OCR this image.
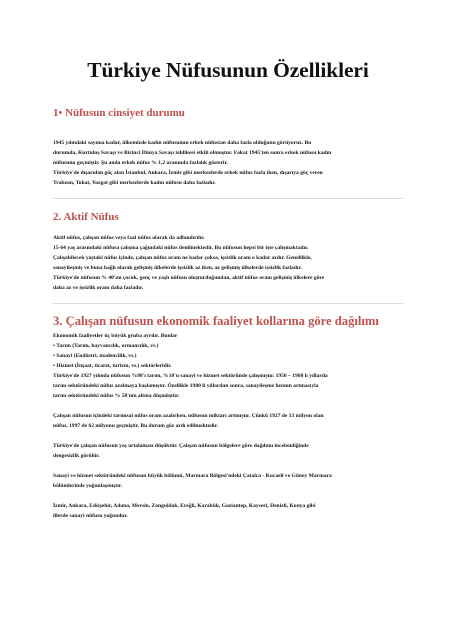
Türkiye Nüfusunun Özellikleri
1• Nüfusun cinsiyet durumu

1945 yılındaki sayıma kadar, ülkemizde kadın nüfusunun erkek nüfustan daha fazla olduğunu görüyoruz. Bu

durumda, Kurtuluş Savaşı ve Birinci Dünya Savaşı tehlikesi etkili olmuştur. Fakat 1945'ten sonra erkek nüfusu kadın

nüfusunu geçmiştir. Şu anda erkek nüfus % 1,2 oranında fazlalık gösterir.

Türkiye'de dışarıdan göç alan İstanbul, Ankara, İzmir gibi merkezlerde erkek nüfus fazla iken, dışarıya göç veren

Trabzon, Tokat, Yozgat gibi merkezlerde kadın nüfusu daha fazladır.

2. Aktif Nüfus

Aktif nüfus, çalışan nüfus veya faal nüfus olarak da adlandırılır.

15-64 yaş arasındaki nüfusa çalışma çağındaki nüfus denilmektedir. Bu nüfusun hepsi bir işte çalışmaktadır.

Çalışabilecek yaştaki nüfus içinde, çalışan nüfus oranı ne kadar çoksa, işsizlik oranı o kadar azdır. Genellikle,

sanayileşmiş ve buna bağlı olarak gelişmiş ülkelerde işsizlik az iken, az gelişmiş ülkelerde işsizlik fazladır.

Türkiye'de nüfusun % 40'ını çocuk, genç ve yaşlı nüfusu oluşturduğundan, aktif nüfus oranı gelişmiş ülkelere göre

daha az ve işsizlik oranı daha fazladır.

3. Çalışan nüfusun ekonomik faaliyet kollarına göre dağılımı

Ekonomik faaliyetler üç büyük gruba ayrılır. Bunlar

• Tarım (Tarım, hayvancılık, ormancılık, vs.)

• Sanayi (Endüstri, madencilik, vs.)

• Hizmet (İnşaat, ticaret, turizm, vs.) sektörleridir.

Türkiye'de 1927 yılında nüfusun %90'ı tarım, %10'u sanayi ve hizmet sektöründe çalışmıştır. 1950 – 1960 lı yıllarda

tarım sektöründeki nüfus azalmaya başlamıştır. Özellikle 1980 li yıllardan sonra, sanayileşme hızının artmasıyla

tarım sektöründeki nüfus % 50'nin altına düşmüştür.

Çalışan nüfusun içindeki tarımsal nüfus oranı azalırken, nüfusun miktarı artmıştır. Çünkü 1927 de 13 milyon olan

nüfus, 1997 de 62 milyonu geçmiştir. Bu durum göz ardı edilmektedir.

Türkiye'de çalışan nüfusun yaş ortalaması düşüktür. Çalışan nüfusun bölgelere göre dağılımı incelendiğinde

dengesizlik görülür.

Sanayi ve hizmet sektöründeki nüfusun büyük bölümü, Marmara Bölgesi'ndeki Çatalca - Kocaeli ve Güney Marmara

bölümlerinde yoğunlaşmıştır.

İzmir, Ankara, Eskişehir, Adana, Mersin, Zonguldak, Ereğli, Karabük, Gaziantep, Kayseri, Denizli, Konya gibi

illerde sanayi nüfusu yoğundur.
